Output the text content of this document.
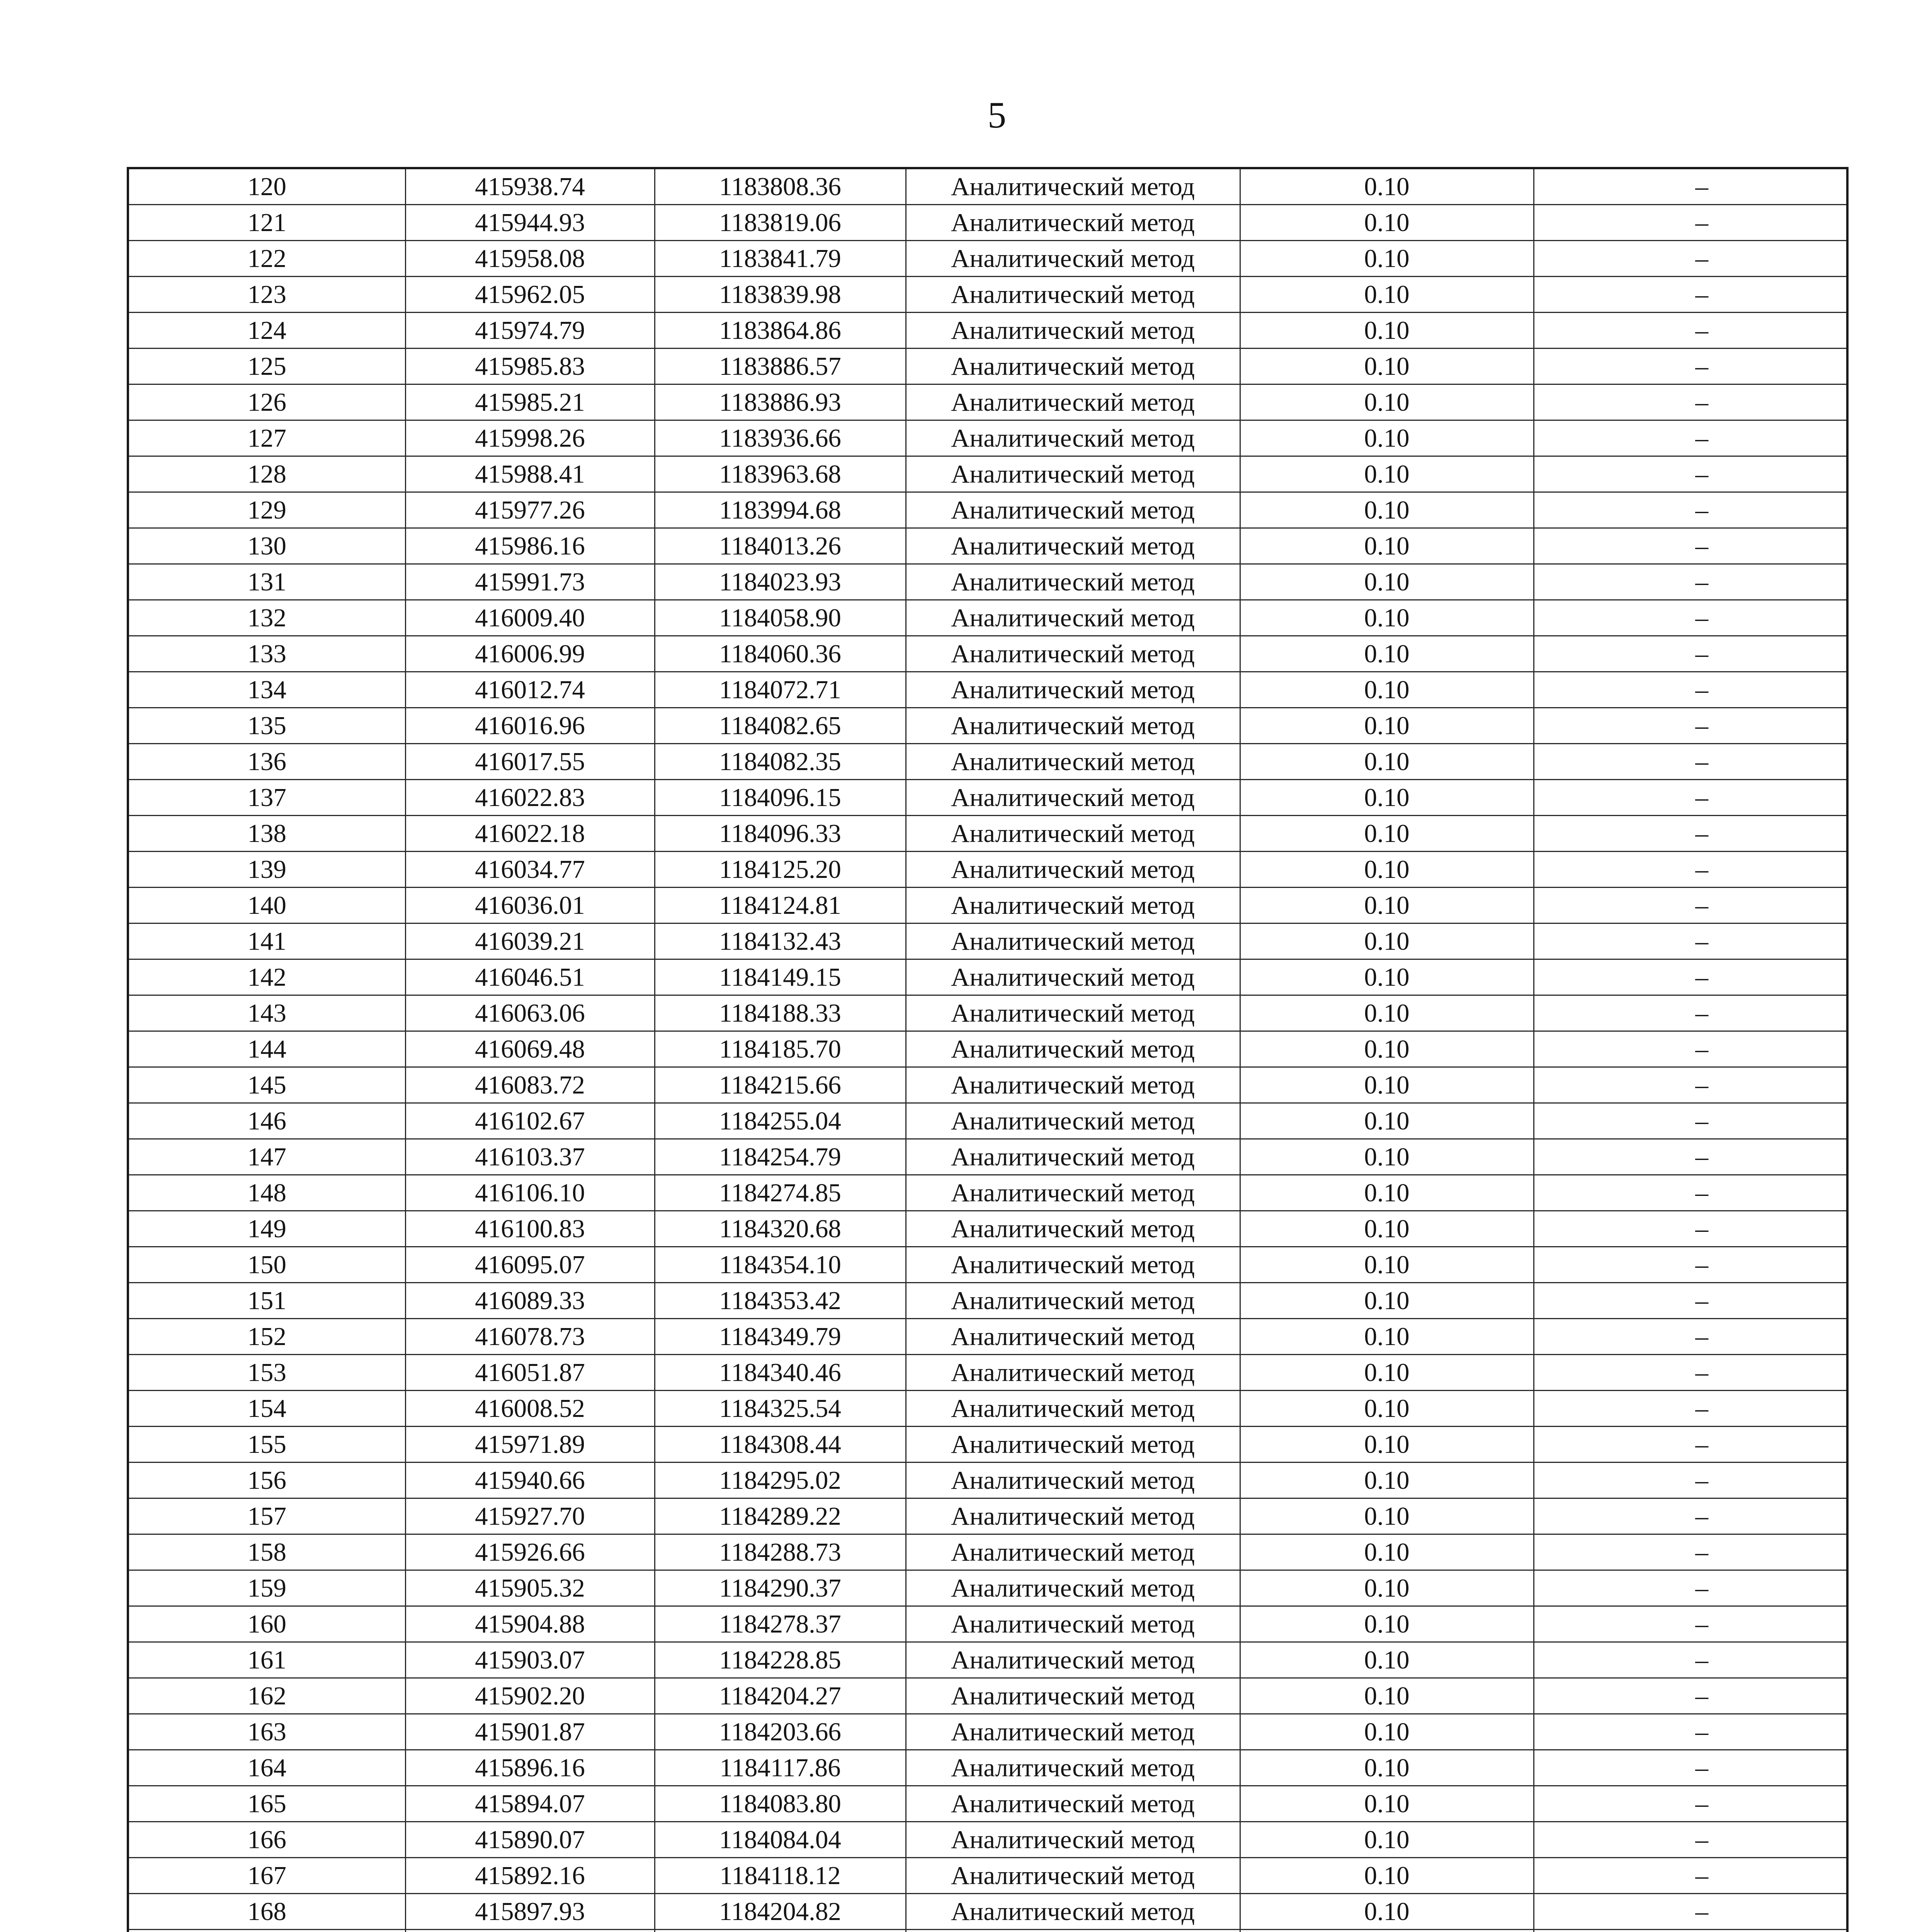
5
120	415938.74	1183808.36	Аналитический метод	0.10	–
121	415944.93	1183819.06	Аналитический метод	0.10	–
122	415958.08	1183841.79	Аналитический метод	0.10	–
123	415962.05	1183839.98	Аналитический метод	0.10	–
124	415974.79	1183864.86	Аналитический метод	0.10	–
125	415985.83	1183886.57	Аналитический метод	0.10	–
126	415985.21	1183886.93	Аналитический метод	0.10	–
127	415998.26	1183936.66	Аналитический метод	0.10	–
128	415988.41	1183963.68	Аналитический метод	0.10	–
129	415977.26	1183994.68	Аналитический метод	0.10	–
130	415986.16	1184013.26	Аналитический метод	0.10	–
131	415991.73	1184023.93	Аналитический метод	0.10	–
132	416009.40	1184058.90	Аналитический метод	0.10	–
133	416006.99	1184060.36	Аналитический метод	0.10	–
134	416012.74	1184072.71	Аналитический метод	0.10	–
135	416016.96	1184082.65	Аналитический метод	0.10	–
136	416017.55	1184082.35	Аналитический метод	0.10	–
137	416022.83	1184096.15	Аналитический метод	0.10	–
138	416022.18	1184096.33	Аналитический метод	0.10	–
139	416034.77	1184125.20	Аналитический метод	0.10	–
140	416036.01	1184124.81	Аналитический метод	0.10	–
141	416039.21	1184132.43	Аналитический метод	0.10	–
142	416046.51	1184149.15	Аналитический метод	0.10	–
143	416063.06	1184188.33	Аналитический метод	0.10	–
144	416069.48	1184185.70	Аналитический метод	0.10	–
145	416083.72	1184215.66	Аналитический метод	0.10	–
146	416102.67	1184255.04	Аналитический метод	0.10	–
147	416103.37	1184254.79	Аналитический метод	0.10	–
148	416106.10	1184274.85	Аналитический метод	0.10	–
149	416100.83	1184320.68	Аналитический метод	0.10	–
150	416095.07	1184354.10	Аналитический метод	0.10	–
151	416089.33	1184353.42	Аналитический метод	0.10	–
152	416078.73	1184349.79	Аналитический метод	0.10	–
153	416051.87	1184340.46	Аналитический метод	0.10	–
154	416008.52	1184325.54	Аналитический метод	0.10	–
155	415971.89	1184308.44	Аналитический метод	0.10	–
156	415940.66	1184295.02	Аналитический метод	0.10	–
157	415927.70	1184289.22	Аналитический метод	0.10	–
158	415926.66	1184288.73	Аналитический метод	0.10	–
159	415905.32	1184290.37	Аналитический метод	0.10	–
160	415904.88	1184278.37	Аналитический метод	0.10	–
161	415903.07	1184228.85	Аналитический метод	0.10	–
162	415902.20	1184204.27	Аналитический метод	0.10	–
163	415901.87	1184203.66	Аналитический метод	0.10	–
164	415896.16	1184117.86	Аналитический метод	0.10	–
165	415894.07	1184083.80	Аналитический метод	0.10	–
166	415890.07	1184084.04	Аналитический метод	0.10	–
167	415892.16	1184118.12	Аналитический метод	0.10	–
168	415897.93	1184204.82	Аналитический метод	0.10	–
